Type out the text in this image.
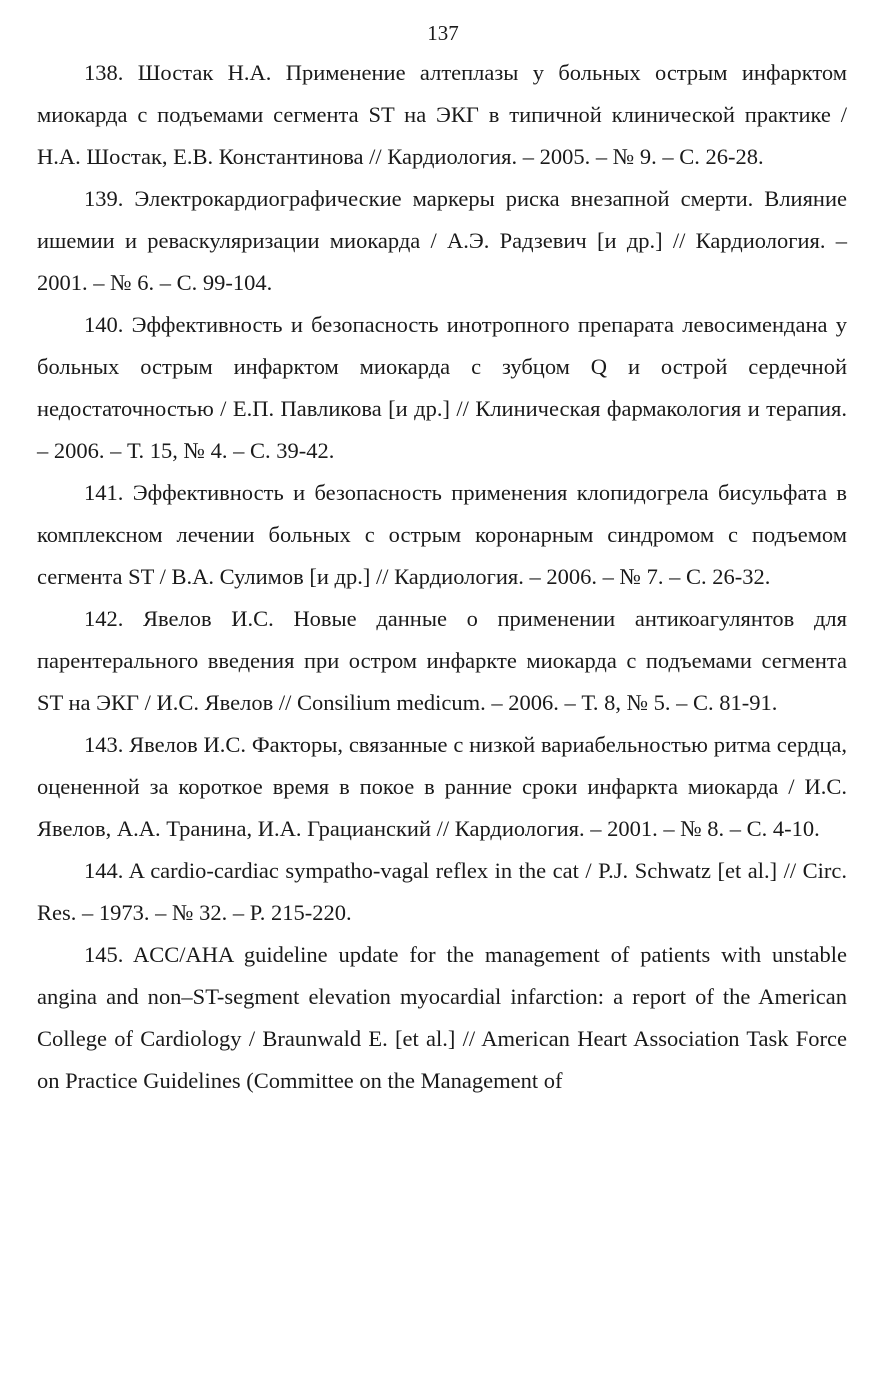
137

138. Шостак Н.А. Применение алтеплазы у больных острым инфарктом миокарда с подъемами сегмента ST на ЭКГ в типичной клинической практике / Н.А. Шостак, Е.В. Константинова // Кардиология. – 2005. – № 9. – С. 26-28.

139. Электрокардиографические маркеры риска внезапной смерти. Влияние ишемии и реваскуляризации миокарда / А.Э. Радзевич [и др.] // Кардиология. – 2001. – № 6. – С. 99-104.

140. Эффективность и безопасность инотропного препарата левосимендана у больных острым инфарктом миокарда с зубцом Q и острой сердечной недостаточностью / Е.П. Павликова [и др.] // Клиническая фармакология и терапия. – 2006. – Т. 15, № 4. – С. 39-42.

141. Эффективность и безопасность применения клопидогрела бисульфата в комплексном лечении больных с острым коронарным синдромом с подъемом сегмента ST / В.А. Сулимов [и др.] // Кардиология. – 2006. – № 7. – С. 26-32.

142. Явелов И.С. Новые данные о применении антикоагулянтов для парентерального введения при остром инфаркте миокарда с подъемами сегмента ST на ЭКГ / И.С. Явелов // Consilium medicum. – 2006. – Т. 8, № 5. – С. 81-91.

143. Явелов И.С. Факторы, связанные с низкой вариабельностью ритма сердца, оцененной за короткое время в покое в ранние сроки инфаркта миокарда / И.С. Явелов, А.А. Транина, И.А. Грацианский // Кардиология. – 2001. – № 8. – С. 4-10.

144. A cardio-cardiac sympatho-vagal reflex in the cat / P.J. Schwatz [et al.] // Circ. Res. – 1973. – № 32. – P. 215-220.

145. ACC/AHA guideline update for the management of patients with unstable angina and non–ST-segment elevation myocardial infarction: a report of the American College of Cardiology / Braunwald E. [et al.] // American Heart Association Task Force on Practice Guidelines (Committee on the Management of
